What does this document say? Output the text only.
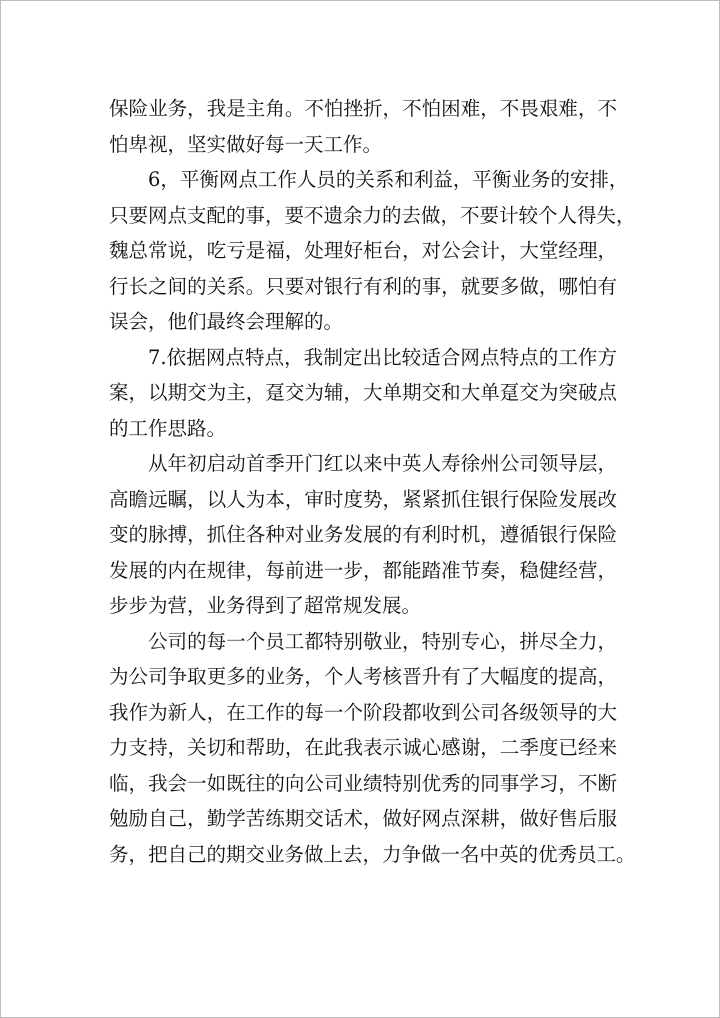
保险业务，我是主角。不怕挫折，不怕困难，不畏艰难，不
怕卑视，坚实做好每一天工作。
6，平衡网点工作人员的关系和利益，平衡业务的安排，
只要网点支配的事，要不遗余力的去做，不要计较个人得失，
魏总常说，吃亏是福，处理好柜台，对公会计，大堂经理，
行长之间的关系。只要对银行有利的事，就要多做，哪怕有
误会，他们最终会理解的。
7.依据网点特点，我制定出比较适合网点特点的工作方
案，以期交为主，趸交为辅，大单期交和大单趸交为突破点
的工作思路。
从年初启动首季开门红以来中英人寿徐州公司领导层，
高瞻远瞩，以人为本，审时度势，紧紧抓住银行保险发展改
变的脉搏，抓住各种对业务发展的有利时机，遵循银行保险
发展的内在规律，每前进一步，都能踏准节奏，稳健经营，
步步为营，业务得到了超常规发展。
公司的每一个员工都特别敬业，特别专心，拼尽全力，
为公司争取更多的业务，个人考核晋升有了大幅度的提高，
我作为新人，在工作的每一个阶段都收到公司各级领导的大
力支持，关切和帮助，在此我表示诚心感谢，二季度已经来
临，我会一如既往的向公司业绩特别优秀的同事学习，不断
勉励自己，勤学苦练期交话术，做好网点深耕，做好售后服
务，把自己的期交业务做上去，力争做一名中英的优秀员工。
